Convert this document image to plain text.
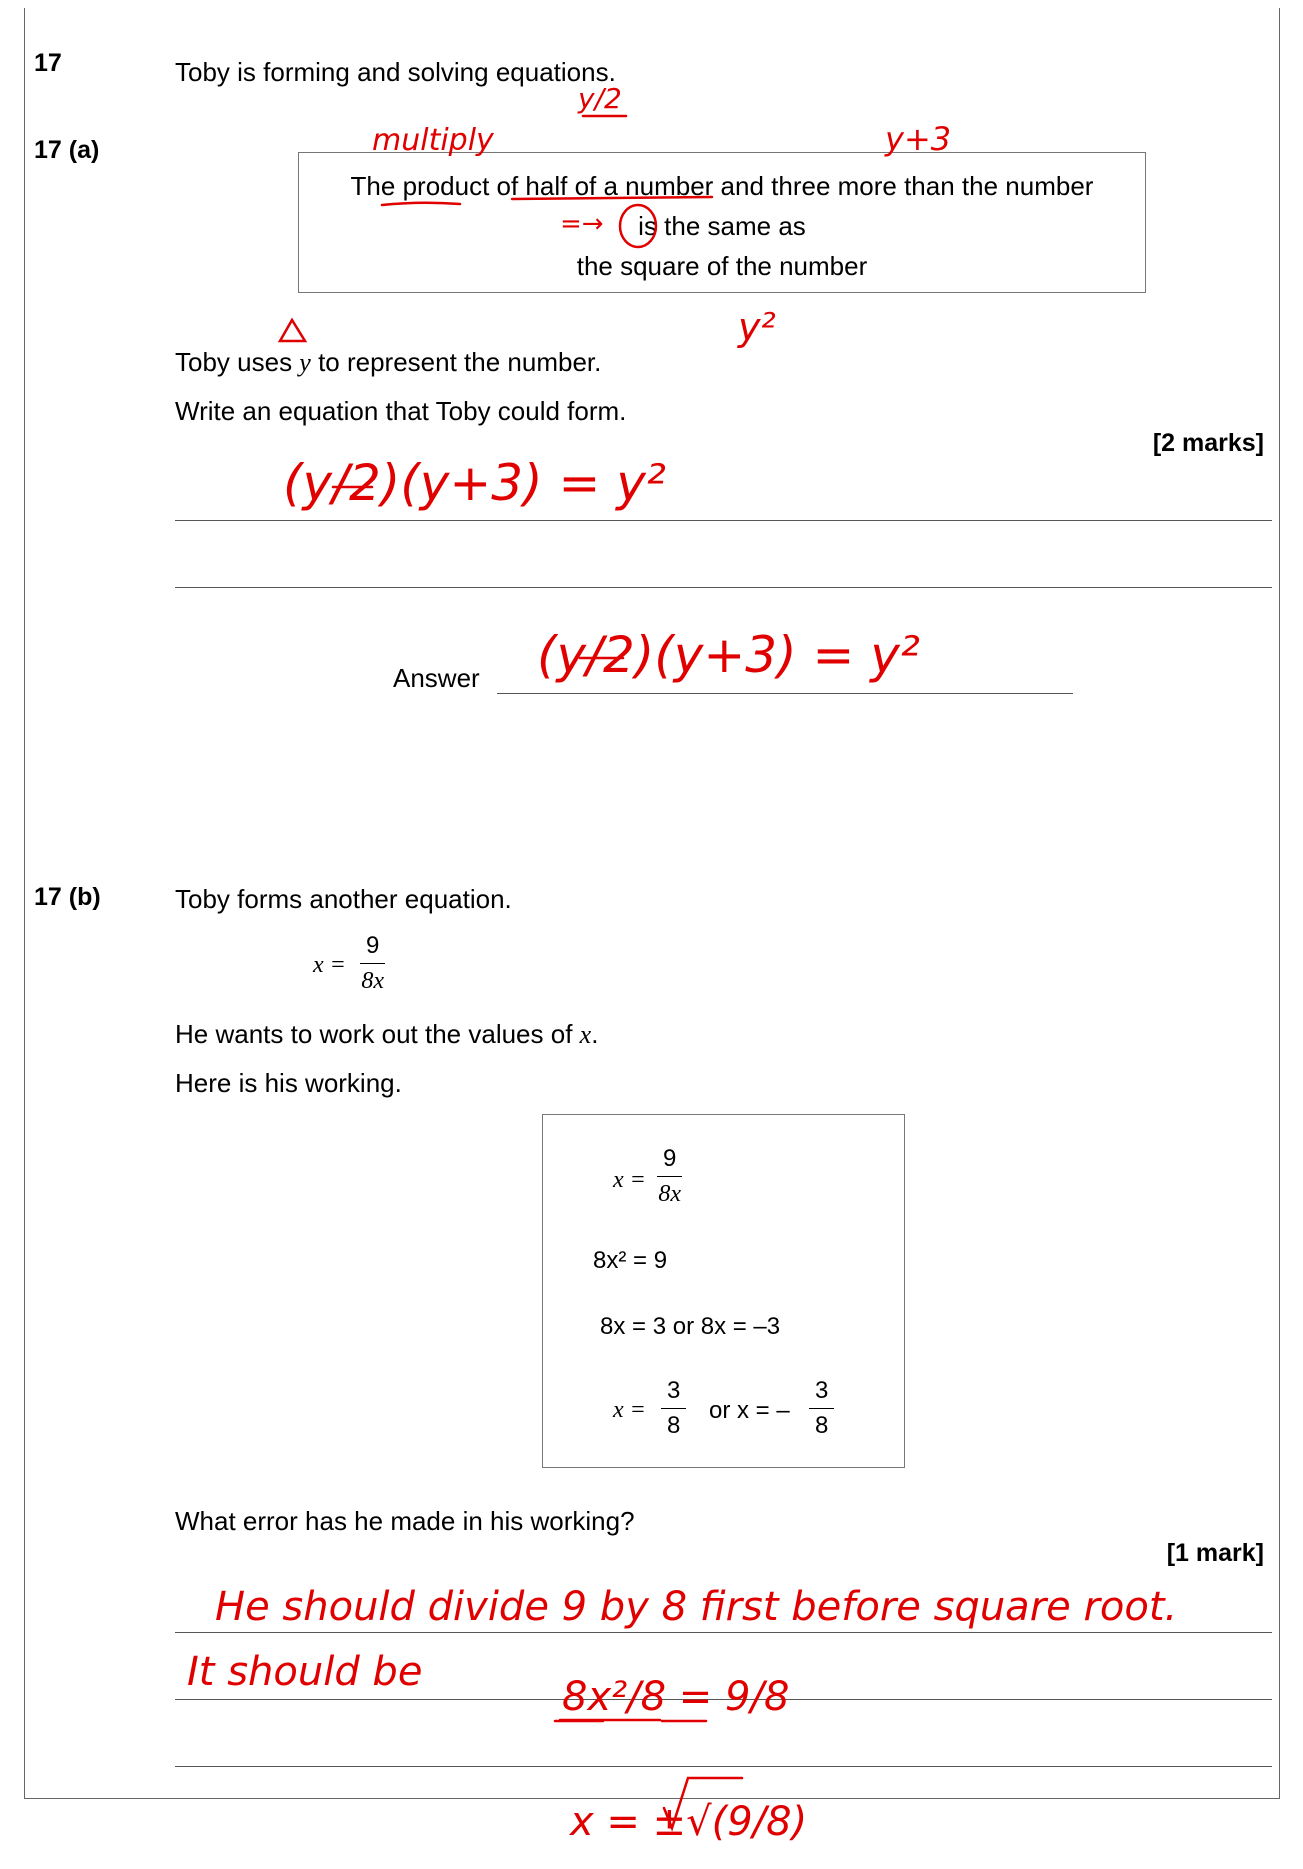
17	Toby is forming and solving equations.
17 (a)
The product of half of a number and three more than the number
is the same as
the square of the number
Toby uses y to represent the number.
Write an equation that Toby could form.
[2 marks]
Answer
17 (b)	Toby forms another equation.
$x = \frac{9}{8x}$
He wants to work out the values of x.
Here is his working.
$x = \frac{9}{8x}$
8x² = 9
8x = 3 or 8x = –3
$x = \frac{3}{8}$ or x = – $\frac{3}{8}$
What error has he made in his working?
[1 mark]
multiply
y/2
y+3
y²
=→
(y/2)(y+3) = y²
(y/2)(y+3) = y²
He should divide 9 by 8 first before square root.
It should be
8x²/8 = 9/8
x = ±√(9/8)
